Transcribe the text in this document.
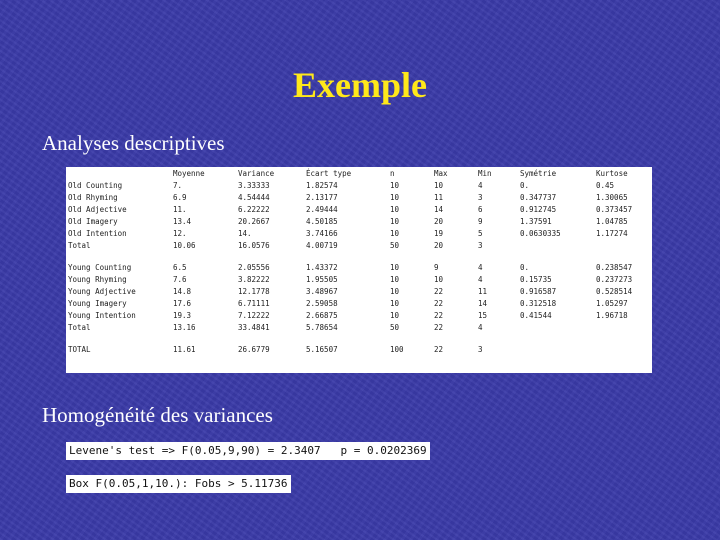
Exemple
Analyses descriptives
	Moyenne	Variance	Écart type	n	Max	Min	Symétrie	Kurtose
Old Counting	7.	3.33333	1.82574	10	10	4	0.	0.45
Old Rhyming	6.9	4.54444	2.13177	10	11	3	0.347737	1.30065
Old Adjective	11.	6.22222	2.49444	10	14	6	0.912745	0.373457
Old Imagery	13.4	20.2667	4.50185	10	20	9	1.37591	1.04785
Old Intention	12.	14.	3.74166	10	19	5	0.0630335	1.17274
Total	10.06	16.0576	4.00719	50	20	3		

Young Counting	6.5	2.05556	1.43372	10	9	4	0.	0.238547
Young Rhyming	7.6	3.82222	1.95505	10	10	4	0.15735	0.237273
Young Adjective	14.8	12.1778	3.48967	10	22	11	0.916587	0.528514
Young Imagery	17.6	6.71111	2.59058	10	22	14	0.312518	1.05297
Young Intention	19.3	7.12222	2.66875	10	22	15	0.41544	1.96718
Total	13.16	33.4841	5.78654	50	22	4		

TOTAL	11.61	26.6779	5.16507	100	22	3		
Homogénéité des variances
Levene's test => F(0.05,9,90) = 2.3407   p = 0.0202369
Box F(0.05,1,10.): Fobs > 5.11736
